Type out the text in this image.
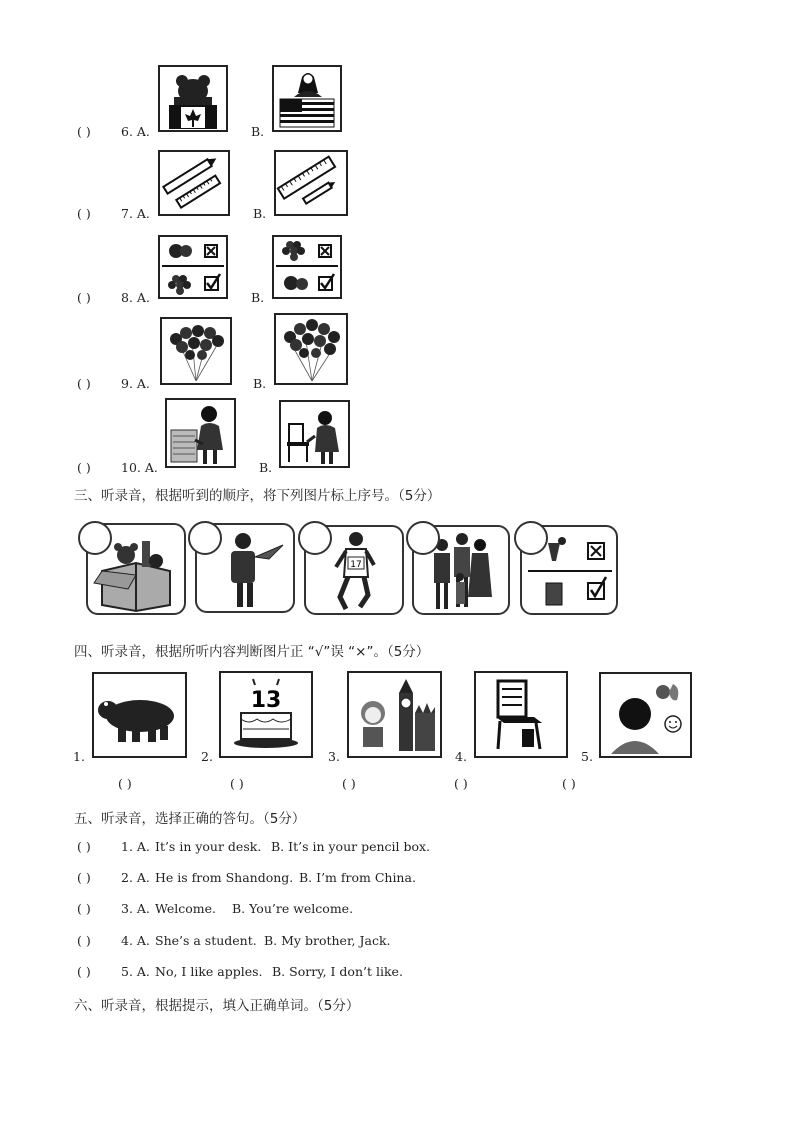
( ) 6. A.	B.
( ) 7. A.	B.
( ) 8. A.	B.
( ) 9. A.	B.
( ) 10. A.	B.
三、听录音，根据听到的顺序，将下列图片标上序号。（5分）
17
四、听录音，根据所听内容判断图片正 “√”误 “×”。（5分）
1.
( )
2.
13
( )
3.
( )
4.
( )
5.
( )
五、听录音，选择正确的答句。（5分）
( ) 1. A. It’s in your desk. B. It’s in your pencil box.
( ) 2. A. He is from Shandong. B. I’m from China.
( ) 3. A. Welcome. B. You’re welcome.
( ) 4. A. She’s a student. B. My brother, Jack.
( ) 5. A. No, I like apples. B. Sorry, I don’t like.
六、听录音，根据提示，填入正确单词。（5分）
